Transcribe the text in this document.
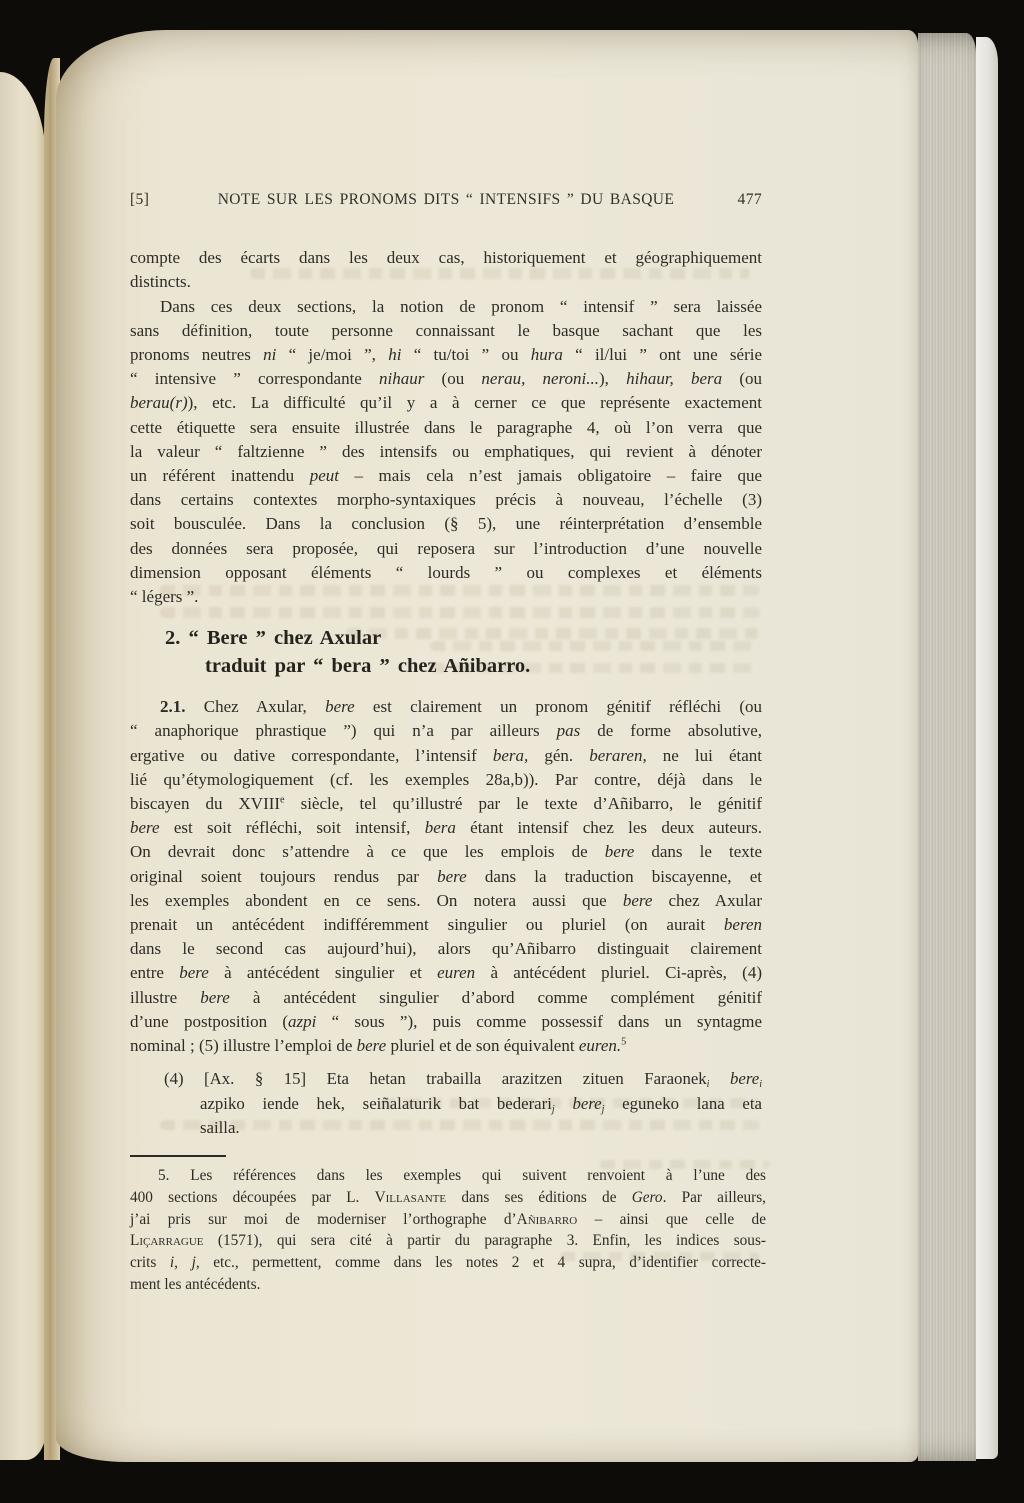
[5]	NOTE SUR LES PRONOMS DITS “ INTENSIFS ” DU BASQUE	477
compte des écarts dans les deux cas, historiquement et géographiquement
distincts.
Dans ces deux sections, la notion de pronom “ intensif ” sera laissée
sans définition, toute personne connaissant le basque sachant que les
pronoms neutres ni “ je/moi ”, hi “ tu/toi ” ou hura “ il/lui ” ont une série
“ intensive ” correspondante nihaur (ou nerau, neroni...), hihaur, bera (ou
berau(r)), etc. La difficulté qu’il y a à cerner ce que représente exactement
cette étiquette sera ensuite illustrée dans le paragraphe 4, où l’on verra que
la valeur “ faltzienne ” des intensifs ou emphatiques, qui revient à dénoter
un référent inattendu peut – mais cela n’est jamais obligatoire – faire que
dans certains contextes morpho-syntaxiques précis à nouveau, l’échelle (3)
soit bousculée. Dans la conclusion (§ 5), une réinterprétation d’ensemble
des données sera proposée, qui reposera sur l’introduction d’une nouvelle
dimension opposant éléments “ lourds ” ou complexes et éléments
“ légers ”.
2. “ Bere ” chez Axular
traduit par “ bera ” chez Añibarro.
2.1. Chez Axular, bere est clairement un pronom génitif réfléchi (ou
“ anaphorique phrastique ”) qui n’a par ailleurs pas de forme absolutive,
ergative ou dative correspondante, l’intensif bera, gén. beraren, ne lui étant
lié qu’étymologiquement (cf. les exemples 28a,b)). Par contre, déjà dans le
biscayen du XVIIIe siècle, tel qu’illustré par le texte d’Añibarro, le génitif
bere est soit réfléchi, soit intensif, bera étant intensif chez les deux auteurs.
On devrait donc s’attendre à ce que les emplois de bere dans le texte
original soient toujours rendus par bere dans la traduction biscayenne, et
les exemples abondent en ce sens. On notera aussi que bere chez Axular
prenait un antécédent indifféremment singulier ou pluriel (on aurait beren
dans le second cas aujourd’hui), alors qu’Añibarro distinguait clairement
entre bere à antécédent singulier et euren à antécédent pluriel. Ci-après, (4)
illustre bere à antécédent singulier d’abord comme complément génitif
d’une postposition (azpi “ sous ”), puis comme possessif dans un syntagme
nominal ; (5) illustre l’emploi de bere pluriel et de son équivalent euren.$^5$
(4) [Ax. § 15] Eta hetan trabailla arazitzen zituen Faraoneki berei
azpiko iende hek, seiñalaturik bat bederarij berej eguneko lana eta
sailla.
5. Les références dans les exemples qui suivent renvoient à l’une des
400 sections découpées par L. Villasante dans ses éditions de Gero. Par ailleurs,
j’ai pris sur moi de moderniser l’orthographe d’Añibarro – ainsi que celle de
Liçarrague (1571), qui sera cité à partir du paragraphe 3. Enfin, les indices sous-
crits i, j, etc., permettent, comme dans les notes 2 et 4 supra, d’identifier correcte-
ment les antécédents.
